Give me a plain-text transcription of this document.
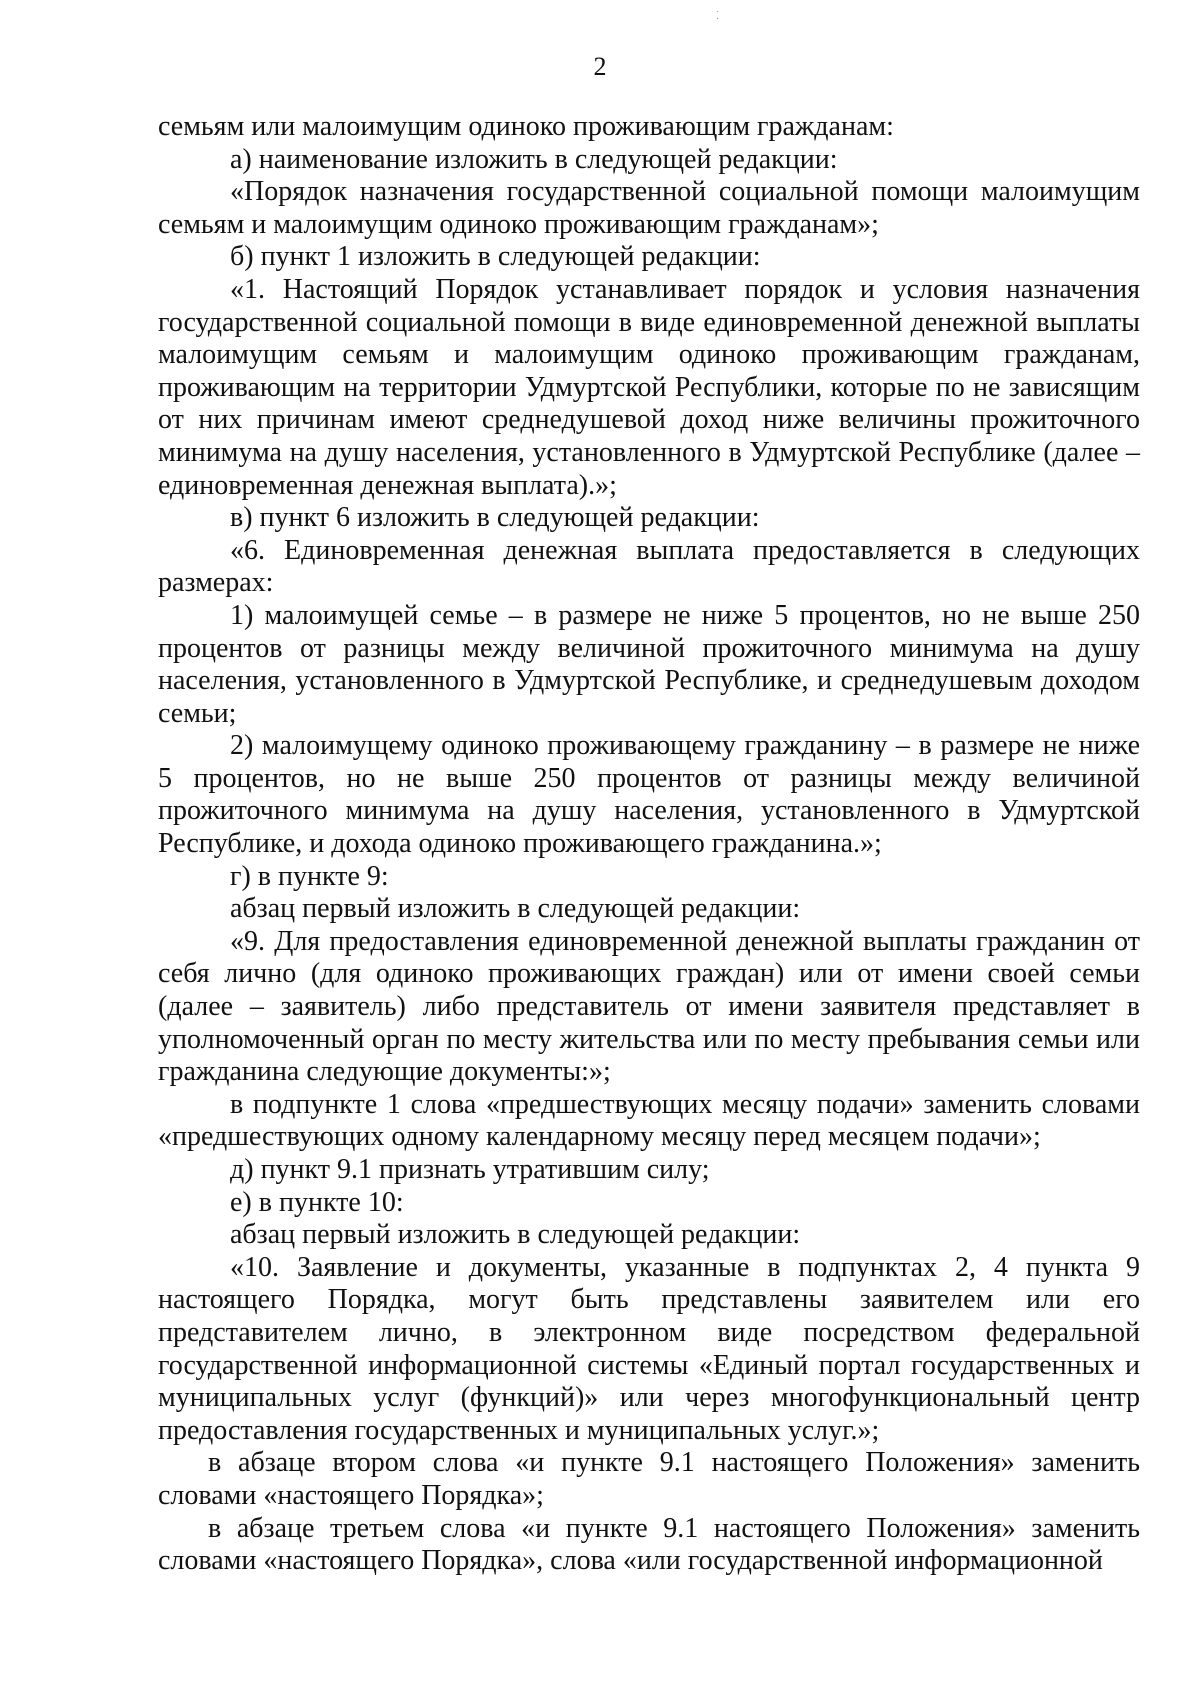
˙ ·
2

семьям или малоимущим одиноко проживающим гражданам:

а) наименование изложить в следующей редакции:

«Порядок назначения государственной социальной помощи малоимущим семьям и малоимущим одиноко проживающим гражданам»;

б) пункт 1 изложить в следующей редакции:

«1. Настоящий Порядок устанавливает порядок и условия назначения государственной социальной помощи в виде единовременной денежной выплаты малоимущим семьям и малоимущим одиноко проживающим гражданам, проживающим на территории Удмуртской Республики, которые по не зависящим от них причинам имеют среднедушевой доход ниже величины прожиточного минимума на душу населения, установленного в Удмуртской Республике (далее – единовременная денежная выплата).»;

в) пункт 6 изложить в следующей редакции:

«6. Единовременная денежная выплата предоставляется в следующих размерах:

1) малоимущей семье – в размере не ниже 5 процентов, но не выше 250 процентов от разницы между величиной прожиточного минимума на душу населения, установленного в Удмуртской Республике, и среднедушевым доходом семьи;

2) малоимущему одиноко проживающему гражданину – в размере не ниже 5 процентов, но не выше 250 процентов от разницы между величиной прожиточного минимума на душу населения, установленного в Удмуртской Республике, и дохода одиноко проживающего гражданина.»;

г) в пункте 9:

абзац первый изложить в следующей редакции:

«9. Для предоставления единовременной денежной выплаты гражданин от себя лично (для одиноко проживающих граждан) или от имени своей семьи (далее – заявитель) либо представитель от имени заявителя представляет в уполномоченный орган по месту жительства или по месту пребывания семьи или гражданина следующие документы:»;

в подпункте 1 слова «предшествующих месяцу подачи» заменить словами «предшествующих одному календарному месяцу перед месяцем подачи»;

д) пункт 9.1 признать утратившим силу;

е) в пункте 10:

абзац первый изложить в следующей редакции:

«10. Заявление и документы, указанные в подпунктах 2, 4 пункта 9 настоящего Порядка, могут быть представлены заявителем или его представителем лично, в электронном виде посредством федеральной государственной информационной системы «Единый портал государственных и муниципальных услуг (функций)» или через многофункциональный центр предоставления государственных и муниципальных услуг.»;

в абзаце втором слова «и пункте 9.1 настоящего Положения» заменить словами «настоящего Порядка»;

в абзаце третьем слова «и пункте 9.1 настоящего Положения» заменить словами «настоящего Порядка», слова «или государственной информационной
